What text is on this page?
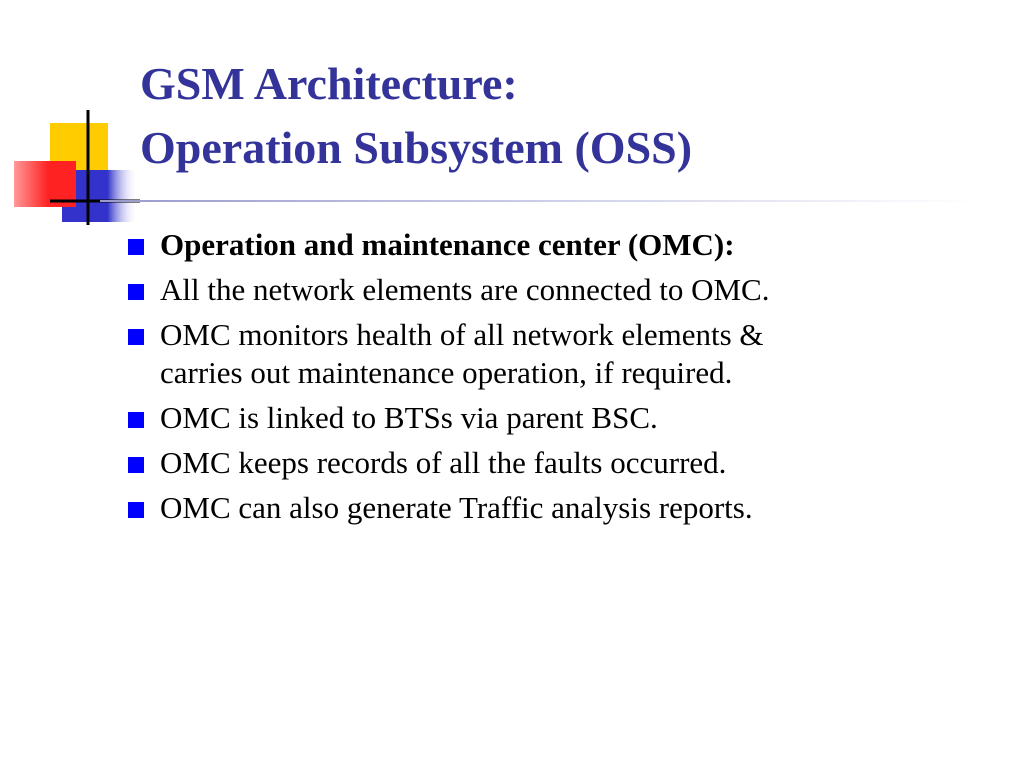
GSM Architecture:
Operation Subsystem (OSS)
Operation and maintenance center (OMC):
All the network elements are connected to OMC.
OMC monitors health of all network elements &
carries out maintenance operation, if required.
OMC is linked to BTSs via parent BSC.
OMC keeps records of all the faults occurred.
OMC can also generate Traffic analysis reports.
